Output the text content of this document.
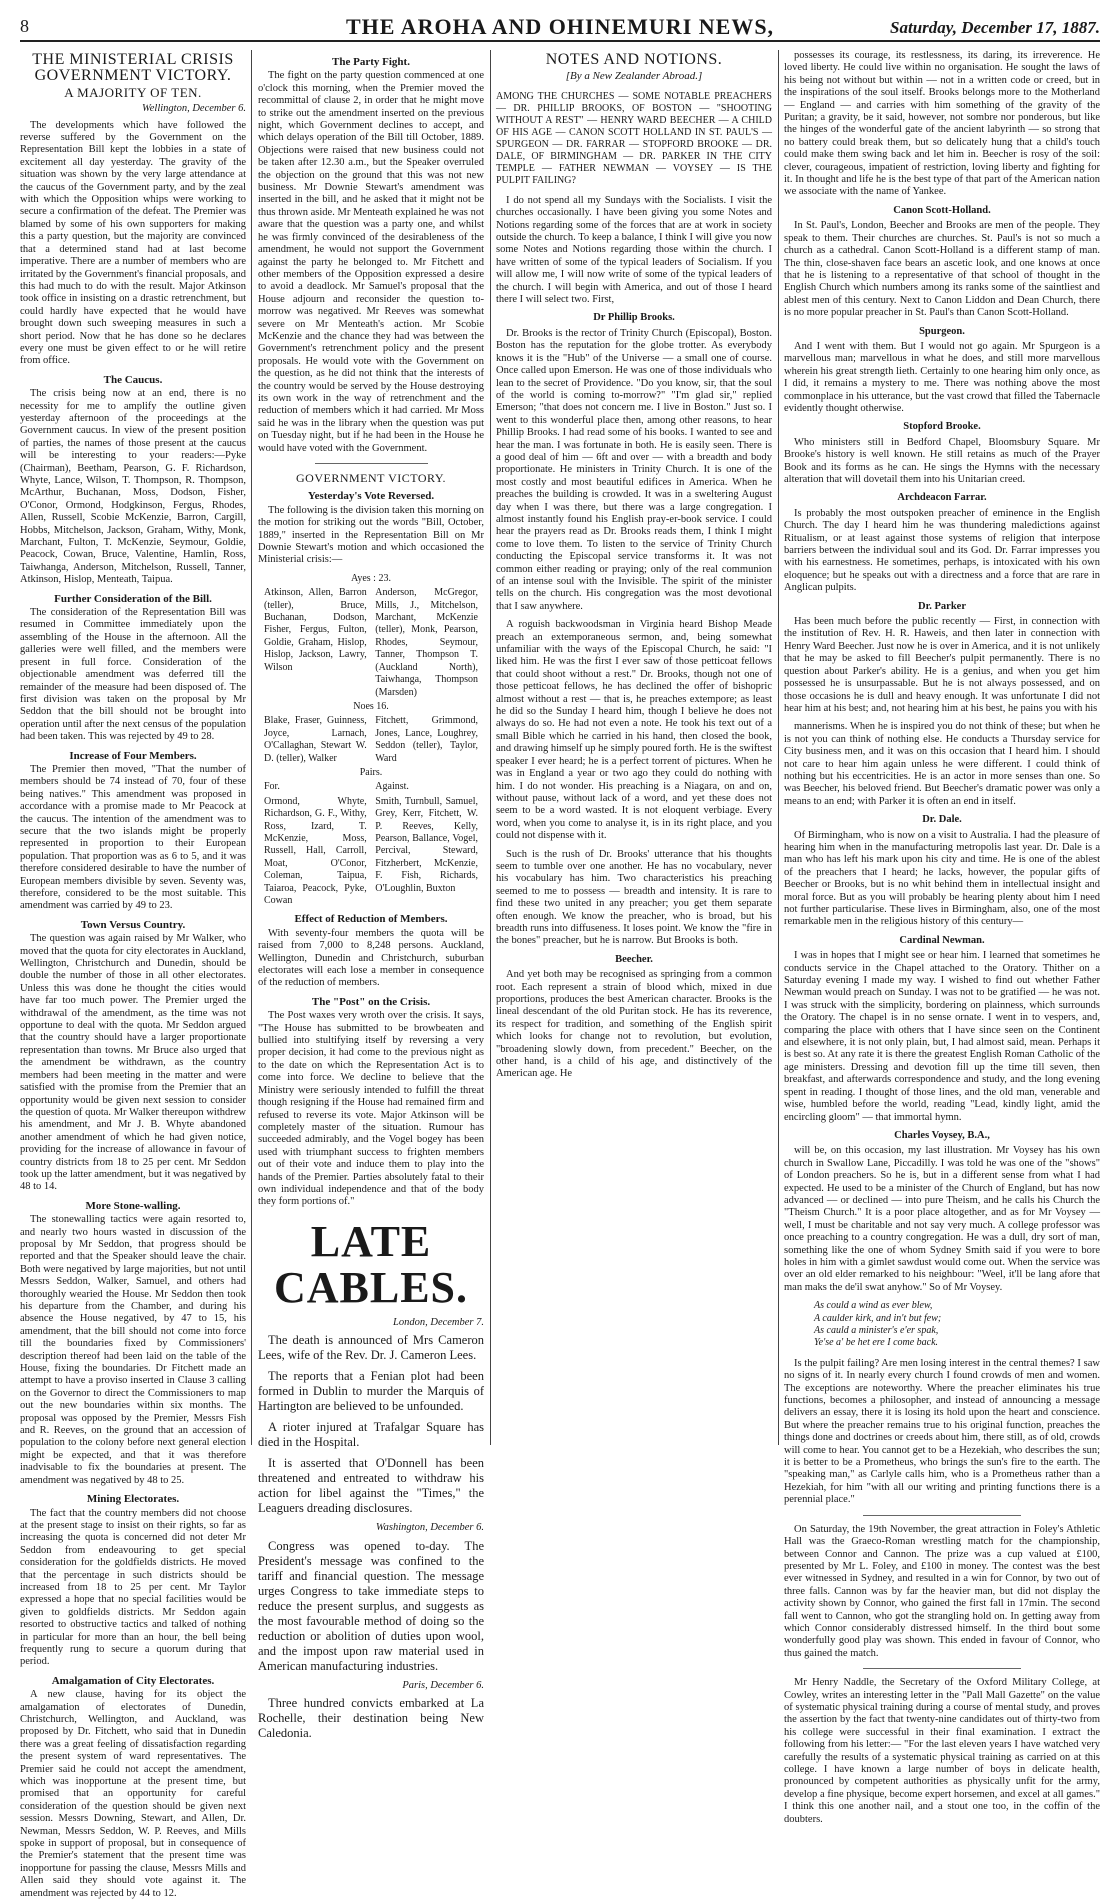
8	THE AROHA AND OHINEMURI NEWS,	Saturday, December 17, 1887.
THE MINISTERIAL CRISIS
GOVERNMENT VICTORY.
A MAJORITY OF TEN.
Wellington, December 6.

The developments which have followed the reverse suffered by the Government on the Representation Bill kept the lobbies in a state of excitement all day yesterday. The gravity of the situation was shown by the very large attendance at the caucus of the Government party, and by the zeal with which the Opposition whips were working to secure a confirmation of the defeat. The Premier was blamed by some of his own supporters for making this a party question, but the majority are convinced that a determined stand had at last become imperative. There are a number of members who are irritated by the Government's financial proposals, and this had much to do with the result. Major Atkinson took office in insisting on a drastic retrenchment, but could hardly have expected that he would have brought down such sweeping measures in such a short period. Now that he has done so he declares every one must be given effect to or he will retire from office.

The Caucus.

The crisis being now at an end, there is no necessity for me to amplify the outline given yesterday afternoon of the proceedings at the Government caucus. In view of the present position of parties, the names of those present at the caucus will be interesting to your readers:—Pyke (Chairman), Beetham, Pearson, G. F. Richardson, Whyte, Lance, Wilson, T. Thompson, R. Thompson, McArthur, Buchanan, Moss, Dodson, Fisher, O'Conor, Ormond, Hodgkinson, Fergus, Rhodes, Allen, Russell, Scobie McKenzie, Barron, Cargill, Hobbs, Mitchelson, Jackson, Graham, Withy, Monk, Marchant, Fulton, T. McKenzie, Seymour, Goldie, Peacock, Cowan, Bruce, Valentine, Hamlin, Ross, Taiwhanga, Anderson, Mitchelson, Russell, Tanner, Atkinson, Hislop, Menteath, Taipua.

Further Consideration of the Bill.

The consideration of the Representation Bill was resumed in Committee immediately upon the assembling of the House in the afternoon. All the galleries were well filled, and the members were present in full force. Consideration of the objectionable amendment was deferred till the remainder of the measure had been disposed of. The first division was taken on the proposal by Mr Seddon that the bill should not be brought into operation until after the next census of the population had been taken. This was rejected by 49 to 28.

Increase of Four Members.

The Premier then moved, "That the number of members should be 74 instead of 70, four of these being natives." This amendment was proposed in accordance with a promise made to Mr Peacock at the caucus. The intention of the amendment was to secure that the two islands might be properly represented in proportion to their European population. That proportion was as 6 to 5, and it was therefore considered desirable to have the number of European members divisible by seven. Seventy was, therefore, considered to be the most suitable. This amendment was carried by 49 to 23.

Town Versus Country.

The question was again raised by Mr Walker, who moved that the quota for city electorates in Auckland, Wellington, Christchurch and Dunedin, should be double the number of those in all other electorates. Unless this was done he thought the cities would have far too much power. The Premier urged the withdrawal of the amendment, as the time was not opportune to deal with the quota. Mr Seddon argued that the country should have a larger proportionate representation than towns. Mr Bruce also urged that the amendment be withdrawn, as the country members had been meeting in the matter and were satisfied with the promise from the Premier that an opportunity would be given next session to consider the question of quota. Mr Walker thereupon withdrew his amendment, and Mr J. B. Whyte abandoned another amendment of which he had given notice, providing for the increase of allowance in favour of country districts from 18 to 25 per cent. Mr Seddon took up the latter amendment, but it was negatived by 48 to 14.

More Stone-walling.

The stonewalling tactics were again resorted to, and nearly two hours wasted in discussion of the proposal by Mr Seddon, that progress should be reported and that the Speaker should leave the chair. Both were negatived by large majorities, but not until Messrs Seddon, Walker, Samuel, and others had thoroughly wearied the House. Mr Seddon then took his departure from the Chamber, and during his absence the House negatived, by 47 to 15, his amendment, that the bill should not come into force till the boundaries fixed by Commissioners' description thereof had been laid on the table of the House, fixing the boundaries. Dr Fitchett made an attempt to have a proviso inserted in Clause 3 calling on the Governor to direct the Commissioners to map out the new boundaries within six months. The proposal was opposed by the Premier, Messrs Fish and R. Reeves, on the ground that an accession of population to the colony before next general election might be expected, and that it was therefore inadvisable to fix the boundaries at present. The amendment was negatived by 48 to 25.

Mining Electorates.

The fact that the country members did not choose at the present stage to insist on their rights, so far as increasing the quota is concerned did not deter Mr Seddon from endeavouring to get special consideration for the goldfields districts. He moved that the percentage in such districts should be increased from 18 to 25 per cent. Mr Taylor expressed a hope that no special facilities would be given to goldfields districts. Mr Seddon again resorted to obstructive tactics and talked of nothing in particular for more than an hour, the bell being frequently rung to secure a quorum during that period.

Amalgamation of City Electorates.

A new clause, having for its object the amalgamation of electorates of Dunedin, Christchurch, Wellington, and Auckland, was proposed by Dr. Fitchett, who said that in Dunedin there was a great feeling of dissatisfaction regarding the present system of ward representatives. The Premier said he could not accept the amendment, which was inopportune at the present time, but promised that an opportunity for careful consideration of the question should be given next session. Messrs Downing, Stewart, and Allen, Dr. Newman, Messrs Seddon, W. P. Reeves, and Mills spoke in support of proposal, but in consequence of the Premier's statement that the present time was inopportune for passing the clause, Messrs Mills and Allen said they should vote against it. The amendment was rejected by 44 to 12.

The Party Fight.

The fight on the party question commenced at one o'clock this morning, when the Premier moved the recommittal of clause 2, in order that he might move to strike out the amendment inserted on the previous night, which Government declines to accept, and which delays operation of the Bill till October, 1889. Objections were raised that new business could not be taken after 12.30 a.m., but the Speaker overruled the objection on the ground that this was not new business. Mr Downie Stewart's amendment was inserted in the bill, and he asked that it might not be thus thrown aside. Mr Menteath explained he was not aware that the question was a party one, and whilst he was firmly convinced of the desirableness of the amendment, he would not support the Government against the party he belonged to. Mr Fitchett and other members of the Opposition expressed a desire to avoid a deadlock. Mr Samuel's proposal that the House adjourn and reconsider the question to-morrow was negatived. Mr Reeves was somewhat severe on Mr Menteath's action. Mr Scobie McKenzie and the chance they had was between the Government's retrenchment policy and the present proposals. He would vote with the Government on the question, as he did not think that the interests of the country would be served by the House destroying its own work in the way of retrenchment and the reduction of members which it had carried. Mr Moss said he was in the library when the question was put on Tuesday night, but if he had been in the House he would have voted with the Government.

GOVERNMENT VICTORY.
Yesterday's Vote Reversed.

The following is the division taken this morning on the motion for striking out the words "Bill, October, 1889," inserted in the Representation Bill on Mr Downie Stewart's motion and which occasioned the Ministerial crisis:—

Ayes : 23.
Atkinson, Allen, Barron (teller), Bruce, Buchanan, Dodson, Fisher, Fergus, Fulton, Goldie, Graham, Hislop, Hislop, Jackson, Lawry, Wilson
Anderson, McGregor, Mills, J., Mitchelson, Marchant, McKenzie (teller), Monk, Pearson, Rhodes, Seymour, Tanner, Thompson T. (Auckland North), Taiwhanga, Thompson (Marsden)
Noes 16.
Blake, Fraser, Guinness, Joyce, Larnach, O'Callaghan, Stewart W. D. (teller), Walker
Fitchett, Grimmond, Jones, Lance, Loughrey, Seddon (teller), Taylor, Ward
Pairs.
For.	Against.
Ormond, Whyte, Richardson, G. F., Withy, Ross, Izard, T. McKenzie, Moss, Russell, Hall, Carroll, Moat, O'Conor, Coleman, Taipua, Taiaroa, Peacock, Pyke, Cowan
Smith, Turnbull, Samuel, Grey, Kerr, Fitchett, W. P. Reeves, Kelly, Pearson, Ballance, Vogel, Percival, Steward, Fitzherbert, McKenzie, F. Fish, Richards, O'Loughlin, Buxton
Effect of Reduction of Members.

With seventy-four members the quota will be raised from 7,000 to 8,248 persons. Auckland, Wellington, Dunedin and Christchurch, suburban electorates will each lose a member in consequence of the reduction of members.

The "Post" on the Crisis.

The Post waxes very wroth over the crisis. It says, "The House has submitted to be browbeaten and bullied into stultifying itself by reversing a very proper decision, it had come to the previous night as to the date on which the Representation Act is to come into force. We decline to believe that the Ministry were seriously intended to fulfill the threat though resigning if the House had remained firm and refused to reverse its vote. Major Atkinson will be completely master of the situation. Rumour has succeeded admirably, and the Vogel bogey has been used with triumphant success to frighten members out of their vote and induce them to play into the hands of the Premier. Parties absolutely fatal to their own individual independence and that of the body they form portions of."

LATE CABLES.
London, December 7.

The death is announced of Mrs Cameron Lees, wife of the Rev. Dr. J. Cameron Lees.

The reports that a Fenian plot had been formed in Dublin to murder the Marquis of Hartington are believed to be unfounded.

A rioter injured at Trafalgar Square has died in the Hospital.

It is asserted that O'Donnell has been threatened and entreated to withdraw his action for libel against the "Times," the Leaguers dreading disclosures.

Washington, December 6.

Congress was opened to-day. The President's message was confined to the tariff and financial question. The message urges Congress to take immediate steps to reduce the present surplus, and suggests as the most favourable method of doing so the reduction or abolition of duties upon wool, and the impost upon raw material used in American manufacturing industries.

Paris, December 6.

Three hundred convicts embarked at La Rochelle, their destination being New Caledonia.

NOTES AND NOTIONS.
[By a New Zealander Abroad.]
AMONG THE CHURCHES — SOME NOTABLE PREACHERS — DR. PHILLIP BROOKS, OF BOSTON — "SHOOTING WITHOUT A REST" — HENRY WARD BEECHER — A CHILD OF HIS AGE — CANON SCOTT HOLLAND IN ST. PAUL'S — SPURGEON — DR. FARRAR — STOPFORD BROOKE — DR. DALE, OF BIRMINGHAM — DR. PARKER IN THE CITY TEMPLE — FATHER NEWMAN — VOYSEY — IS THE PULPIT FAILING?

I do not spend all my Sundays with the Socialists. I visit the churches occasionally. I have been giving you some Notes and Notions regarding some of the forces that are at work in society outside the church. To keep a balance, I think I will give you now some Notes and Notions regarding those within the church. I have written of some of the typical leaders of Socialism. If you will allow me, I will now write of some of the typical leaders of the church. I will begin with America, and out of those I heard there I will select two. First,

Dr Phillip Brooks.

Dr. Brooks is the rector of Trinity Church (Episcopal), Boston. Boston has the reputation for the globe trotter. As everybody knows it is the "Hub" of the Universe — a small one of course. Once called upon Emerson. He was one of those individuals who lean to the secret of Providence. "Do you know, sir, that the soul of the world is coming to-morrow?" "I'm glad sir," replied Emerson; "that does not concern me. I live in Boston." Just so. I went to this wonderful place then, among other reasons, to hear Phillip Brooks. I had read some of his books. I wanted to see and hear the man. I was fortunate in both. He is easily seen. There is a good deal of him — 6ft and over — with a breadth and body proportionate. He ministers in Trinity Church. It is one of the most costly and most beautiful edifices in America. When he preaches the building is crowded. It was in a sweltering August day when I was there, but there was a large congregation. I almost instantly found his English pray-er-book service. I could hear the prayers read as Dr. Brooks reads them, I think I might come to love them. To listen to the service of Trinity Church conducting the Episcopal service transforms it. It was not common either reading or praying; only of the real communion of an intense soul with the Invisible. The spirit of the minister tells on the church. His congregation was the most devotional that I saw anywhere.

A roguish backwoodsman in Virginia heard Bishop Meade preach an extemporaneous sermon, and, being somewhat unfamiliar with the ways of the Episcopal Church, he said: "I liked him. He was the first I ever saw of those petticoat fellows that could shoot without a rest." Dr. Brooks, though not one of those petticoat fellows, he has declined the offer of bishopric almost without a rest — that is, he preaches extempore; as least he did so the Sunday I heard him, though I believe he does not always do so. He had not even a note. He took his text out of a small Bible which he carried in his hand, then closed the book, and drawing himself up he simply poured forth. He is the swiftest speaker I ever heard; he is a perfect torrent of pictures. When he was in England a year or two ago they could do nothing with him. I do not wonder. His preaching is a Niagara, on and on, without pause, without lack of a word, and yet these does not seem to be a word wasted. It is not eloquent verbiage. Every word, when you come to analyse it, is in its right place, and you could not dispense with it.

Such is the rush of Dr. Brooks' utterance that his thoughts seem to tumble over one another. He has no vocabulary, never his vocabulary has him. Two characteristics his preaching seemed to me to possess — breadth and intensity. It is rare to find these two united in any preacher; you get them separate often enough. We know the preacher, who is broad, but his breadth runs into diffuseness. It loses point. We know the "fire in the bones" preacher, but he is narrow. But Brooks is both.

Beecher.

And yet both may be recognised as springing from a common root. Each represent a strain of blood which, mixed in due proportions, produces the best American character. Brooks is the lineal descendant of the old Puritan stock. He has its reverence, its respect for tradition, and something of the English spirit which looks for change not to revolution, but evolution, "broadening slowly down, from precedent." Beecher, on the other hand, is a child of his age, and distinctively of the American age. He

possesses its courage, its restlessness, its daring, its irreverence. He loved liberty. He could live within no organisation. He sought the laws of his being not without but within — not in a written code or creed, but in the inspirations of the soul itself. Brooks belongs more to the Motherland — England — and carries with him something of the gravity of the Puritan; a gravity, be it said, however, not sombre nor ponderous, but like the hinges of the wonderful gate of the ancient labyrinth — so strong that no battery could break them, but so delicately hung that a child's touch could make them swing back and let him in. Beecher is rosy of the soil: clever, courageous, impatient of restriction, loving liberty and fighting for it. In thought and life he is the best type of that part of the American nation we associate with the name of Yankee.

Canon Scott-Holland.

In St. Paul's, London, Beecher and Brooks are men of the people. They speak to them. Their churches are churches. St. Paul's is not so much a church as a cathedral. Canon Scott-Holland is a different stamp of man. The thin, close-shaven face bears an ascetic look, and one knows at once that he is listening to a representative of that school of thought in the English Church which numbers among its ranks some of the saintliest and ablest men of this century. Next to Canon Liddon and Dean Church, there is no more popular preacher in St. Paul's than Canon Scott-Holland.

Spurgeon.

And I went with them. But I would not go again. Mr Spurgeon is a marvellous man; marvellous in what he does, and still more marvellous wherein his great strength lieth. Certainly to one hearing him only once, as I did, it remains a mystery to me. There was nothing above the most commonplace in his utterance, but the vast crowd that filled the Tabernacle evidently thought otherwise.

Stopford Brooke.

Who ministers still in Bedford Chapel, Bloomsbury Square. Mr Brooke's history is well known. He still retains as much of the Prayer Book and its forms as he can. He sings the Hymns with the necessary alteration that will dovetail them into his Unitarian creed.

Archdeacon Farrar.

Is probably the most outspoken preacher of eminence in the English Church. The day I heard him he was thundering maledictions against Ritualism, or at least against those systems of religion that interpose barriers between the individual soul and its God. Dr. Farrar impresses you with his earnestness. He sometimes, perhaps, is intoxicated with his own eloquence; but he speaks out with a directness and a force that are rare in Anglican pulpits.

Dr. Parker

Has been much before the public recently — First, in connection with the institution of Rev. H. R. Haweis, and then later in connection with Henry Ward Beecher. Just now he is over in America, and it is not unlikely that he may be asked to fill Beecher's pulpit permanently. There is no question about Parker's ability. He is a genius, and when you get him possessed he is unsurpassable. But he is not always possessed, and on those occasions he is dull and heavy enough. It was unfortunate I did not hear him at his best; and, not hearing him at his best, he pains you with his

mannerisms. When he is inspired you do not think of these; but when he is not you can think of nothing else. He conducts a Thursday service for City business men, and it was on this occasion that I heard him. I should not care to hear him again unless he were different. I could think of nothing but his eccentricities. He is an actor in more senses than one. So was Beecher, his beloved friend. But Beecher's dramatic power was only a means to an end; with Parker it is often an end in itself.

Dr. Dale.

Of Birmingham, who is now on a visit to Australia. I had the pleasure of hearing him when in the manufacturing metropolis last year. Dr. Dale is a man who has left his mark upon his city and time. He is one of the ablest of the preachers that I heard; he lacks, however, the popular gifts of Beecher or Brooks, but is no whit behind them in intellectual insight and moral force. But as you will probably be hearing plenty about him I need not further particularise. These lives in Birmingham, also, one of the most remarkable men in the religious history of this century—

Cardinal Newman.

I was in hopes that I might see or hear him. I learned that sometimes he conducts service in the Chapel attached to the Oratory. Thither on a Saturday evening I made my way. I wished to find out whether Father Newman would preach on Sunday. I was not to be gratified — he was not. I was struck with the simplicity, bordering on plainness, which surrounds the Oratory. The chapel is in no sense ornate. I went in to vespers, and, comparing the place with others that I have since seen on the Continent and elsewhere, it is not only plain, but, I had almost said, mean. Perhaps it is best so. At any rate it is there the greatest English Roman Catholic of the age ministers. Dressing and devotion fill up the time till seven, then breakfast, and afterwards correspondence and study, and the long evening spent in reading. I thought of those lines, and the old man, venerable and wise, humbled before the world, reading "Lead, kindly light, amid the encircling gloom" — that immortal hymn.

Charles Voysey, B.A.,

will be, on this occasion, my last illustration. Mr Voysey has his own church in Swallow Lane, Piccadilly. I was told he was one of the "shows" of London preachers. So he is, but in a different sense from what I had expected. He used to be a minister of the Church of England, but has now advanced — or declined — into pure Theism, and he calls his Church the "Theism Church." It is a poor place altogether, and as for Mr Voysey — well, I must be charitable and not say very much. A college professor was once preaching to a country congregation. He was a dull, dry sort of man, something like the one of whom Sydney Smith said if you were to bore holes in him with a gimlet sawdust would come out. When the service was over an old elder remarked to his neighbour: "Weel, it'll be lang afore that man maks the de'il swat anyhow." So of Mr Voysey.

As could a wind as ever blew,
A caulder kirk, and in't but few;
As cauld a minister's e'er spak,
Ye'se a' be het ere I come back.

Is the pulpit failing? Are men losing interest in the central themes? I saw no signs of it. In nearly every church I found crowds of men and women. The exceptions are noteworthy. Where the preacher eliminates his true functions, becomes a philosopher, and instead of announcing a message delivers an essay, there it is losing its hold upon the heart and conscience. But where the preacher remains true to his original function, preaches the things done and doctrines or creeds about him, there still, as of old, crowds will come to hear. You cannot get to be a Hezekiah, who describes the sun; it is better to be a Prometheus, who brings the sun's fire to the earth. The "speaking man," as Carlyle calls him, who is a Prometheus rather than a Hezekiah, for him "with all our writing and printing functions there is a perennial place."

On Saturday, the 19th November, the great attraction in Foley's Athletic Hall was the Graeco-Roman wrestling match for the championship, between Connor and Cannon. The prize was a cup valued at £100, presented by Mr L. Foley, and £100 in money. The contest was the best ever witnessed in Sydney, and resulted in a win for Connor, by two out of three falls. Cannon was by far the heavier man, but did not display the activity shown by Connor, who gained the first fall in 17min. The second fall went to Cannon, who got the strangling hold on. In getting away from which Connor considerably distressed himself. In the third bout some wonderfully good play was shown. This ended in favour of Connor, who thus gained the match.

Mr Henry Naddle, the Secretary of the Oxford Military College, at Cowley, writes an interesting letter in the "Pall Mall Gazette" on the value of systematic physical training during a course of mental study, and proves the assertion by the fact that twenty-nine candidates out of thirty-two from his college were successful in their final examination. I extract the following from his letter:— "For the last eleven years I have watched very carefully the results of a systematic physical training as carried on at this college. I have known a large number of boys in delicate health, pronounced by competent authorities as physically unfit for the army, develop a fine physique, become expert horsemen, and excel at all games." I think this one another nail, and a stout one too, in the coffin of the doubters.
